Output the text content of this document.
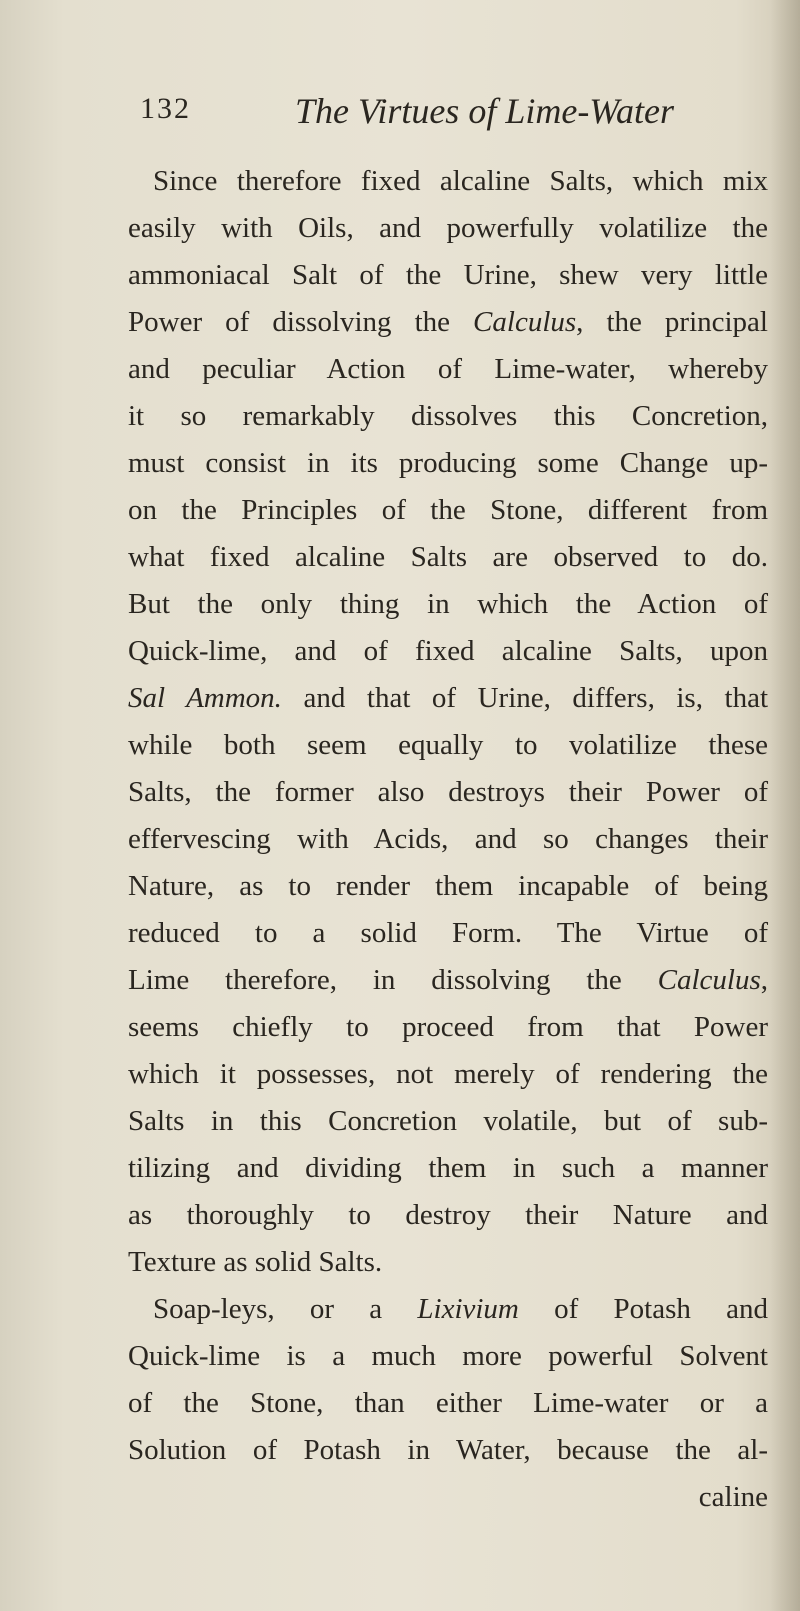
132	The Virtues of Lime-Water
Since therefore fixed alcaline Salts, which mix
easily with Oils, and powerfully volatilize the
ammoniacal Salt of the Urine, shew very little
Power of dissolving the Calculus, the principal
and peculiar Action of Lime-water, whereby
it so remarkably dissolves this Concretion,
must consist in its producing some Change up-
on the Principles of the Stone, different from
what fixed alcaline Salts are observed to do.
But the only thing in which the Action of
Quick-lime, and of fixed alcaline Salts, upon
Sal Ammon. and that of Urine, differs, is, that
while both seem equally to volatilize these
Salts, the former also destroys their Power of
effervescing with Acids, and so changes their
Nature, as to render them incapable of being
reduced to a solid Form. The Virtue of
Lime therefore, in dissolving the Calculus,
seems chiefly to proceed from that Power
which it possesses, not merely of rendering the
Salts in this Concretion volatile, but of sub-
tilizing and dividing them in such a manner
as thoroughly to destroy their Nature and
Texture as solid Salts.
Soap-leys, or a Lixivium of Potash and
Quick-lime is a much more powerful Solvent
of the Stone, than either Lime-water or a
Solution of Potash in Water, because the al-
caline
